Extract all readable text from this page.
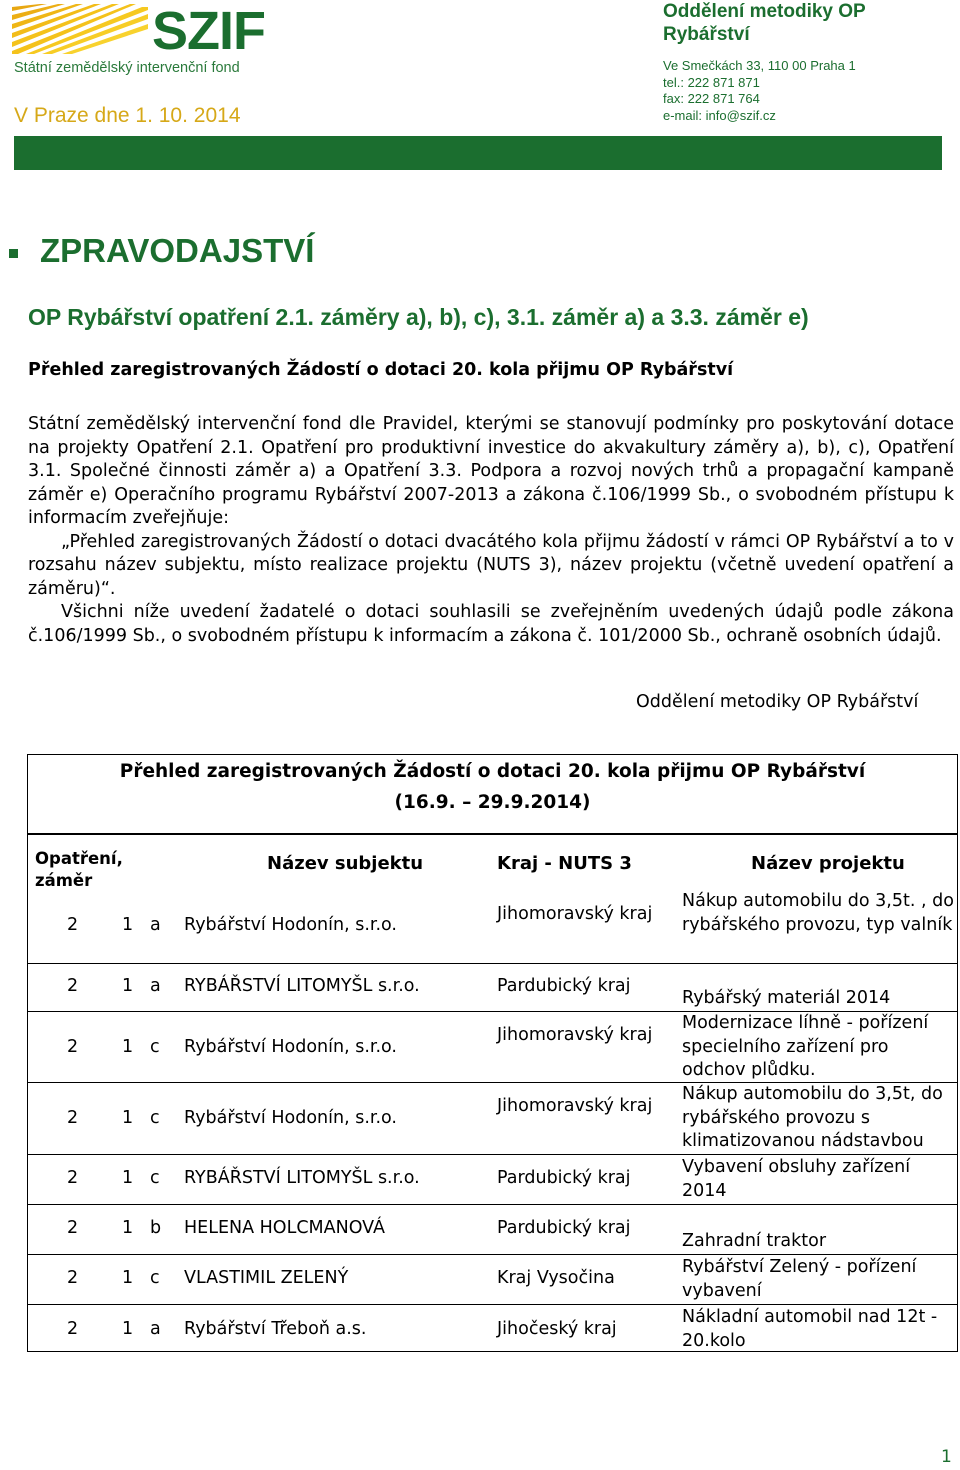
SZIF
Státní zemědělský intervenční fond
V Praze dne 1. 10. 2014
Oddělení metodiky OP Rybářství
Ve Smečkách 33, 110 00 Praha 1
tel.: 222 871 871
fax: 222 871 764
e-mail: info@szif.cz
ZPRAVODAJSTVÍ
OP Rybářství opatření 2.1. záměry a), b), c), 3.1. záměr a) a 3.3. záměr e)
Přehled zaregistrovaných Žádostí o dotaci 20. kola přijmu OP Rybářství

Státní zemědělský intervenční fond dle Pravidel, kterými se stanovují podmínky pro poskytování dotace na projekty Opatření 2.1. Opatření pro produktivní investice do akvakultury záměry a), b), c), Opatření 3.1. Společné činnosti záměr a) a Opatření 3.3. Podpora a rozvoj nových trhů a propagační kampaně záměr e) Operačního programu Rybářství 2007-2013 a zákona č.106/1999 Sb., o svobodném přístupu k informacím zveřejňuje:

„Přehled zaregistrovaných Žádostí o dotaci dvacátého kola přijmu žádostí v rámci OP Rybářství a to v rozsahu název subjektu, místo realizace projektu (NUTS 3), název projektu (včetně uvedení opatření a záměru)“.

Všichni níže uvedení žadatelé o dotaci souhlasili se zveřejněním uvedených údajů podle zákona č.106/1999 Sb., o svobodném přístupu k informacím a zákona č. 101/2000 Sb., ochraně osobních údajů.

Oddělení metodiky OP Rybářství
Přehled zaregistrovaných Žádostí o dotaci 20. kola přijmu OP Rybářství
(16.9. – 29.9.2014)
Opatření, záměr
Název subjektu	Kraj - NUTS 3	Název projektu
2	1 a Rybářství Hodonín, s.r.o.
Jihomoravský kraj
Nákup automobilu do 3,5t. , do rybářského provozu, typ valník
2	1 a RYBÁŘSTVÍ LITOMYŠL s.r.o.	Pardubický kraj
Rybářský materiál 2014
2	1 c Rybářství Hodonín, s.r.o.
Jihomoravský kraj
Modernizace líhně - pořízení specielního zařízení pro odchov plůdku.
2	1 c Rybářství Hodonín, s.r.o.
Jihomoravský kraj
Nákup automobilu do 3,5t, do rybářského provozu s klimatizovanou nádstavbou
2	1 c RYBÁŘSTVÍ LITOMYŠL s.r.o.	Pardubický kraj
Vybavení obsluhy zařízení 2014
2	1 b HELENA HOLCMANOVÁ	Pardubický kraj
Zahradní traktor
2	1 c VLASTIMIL ZELENÝ	Kraj Vysočina
Rybářství Zelený - pořízení vybavení
2	1 a Rybářství Třeboň a.s.	Jihočeský kraj
Nákladní automobil nad 12t - 20.kolo
1
